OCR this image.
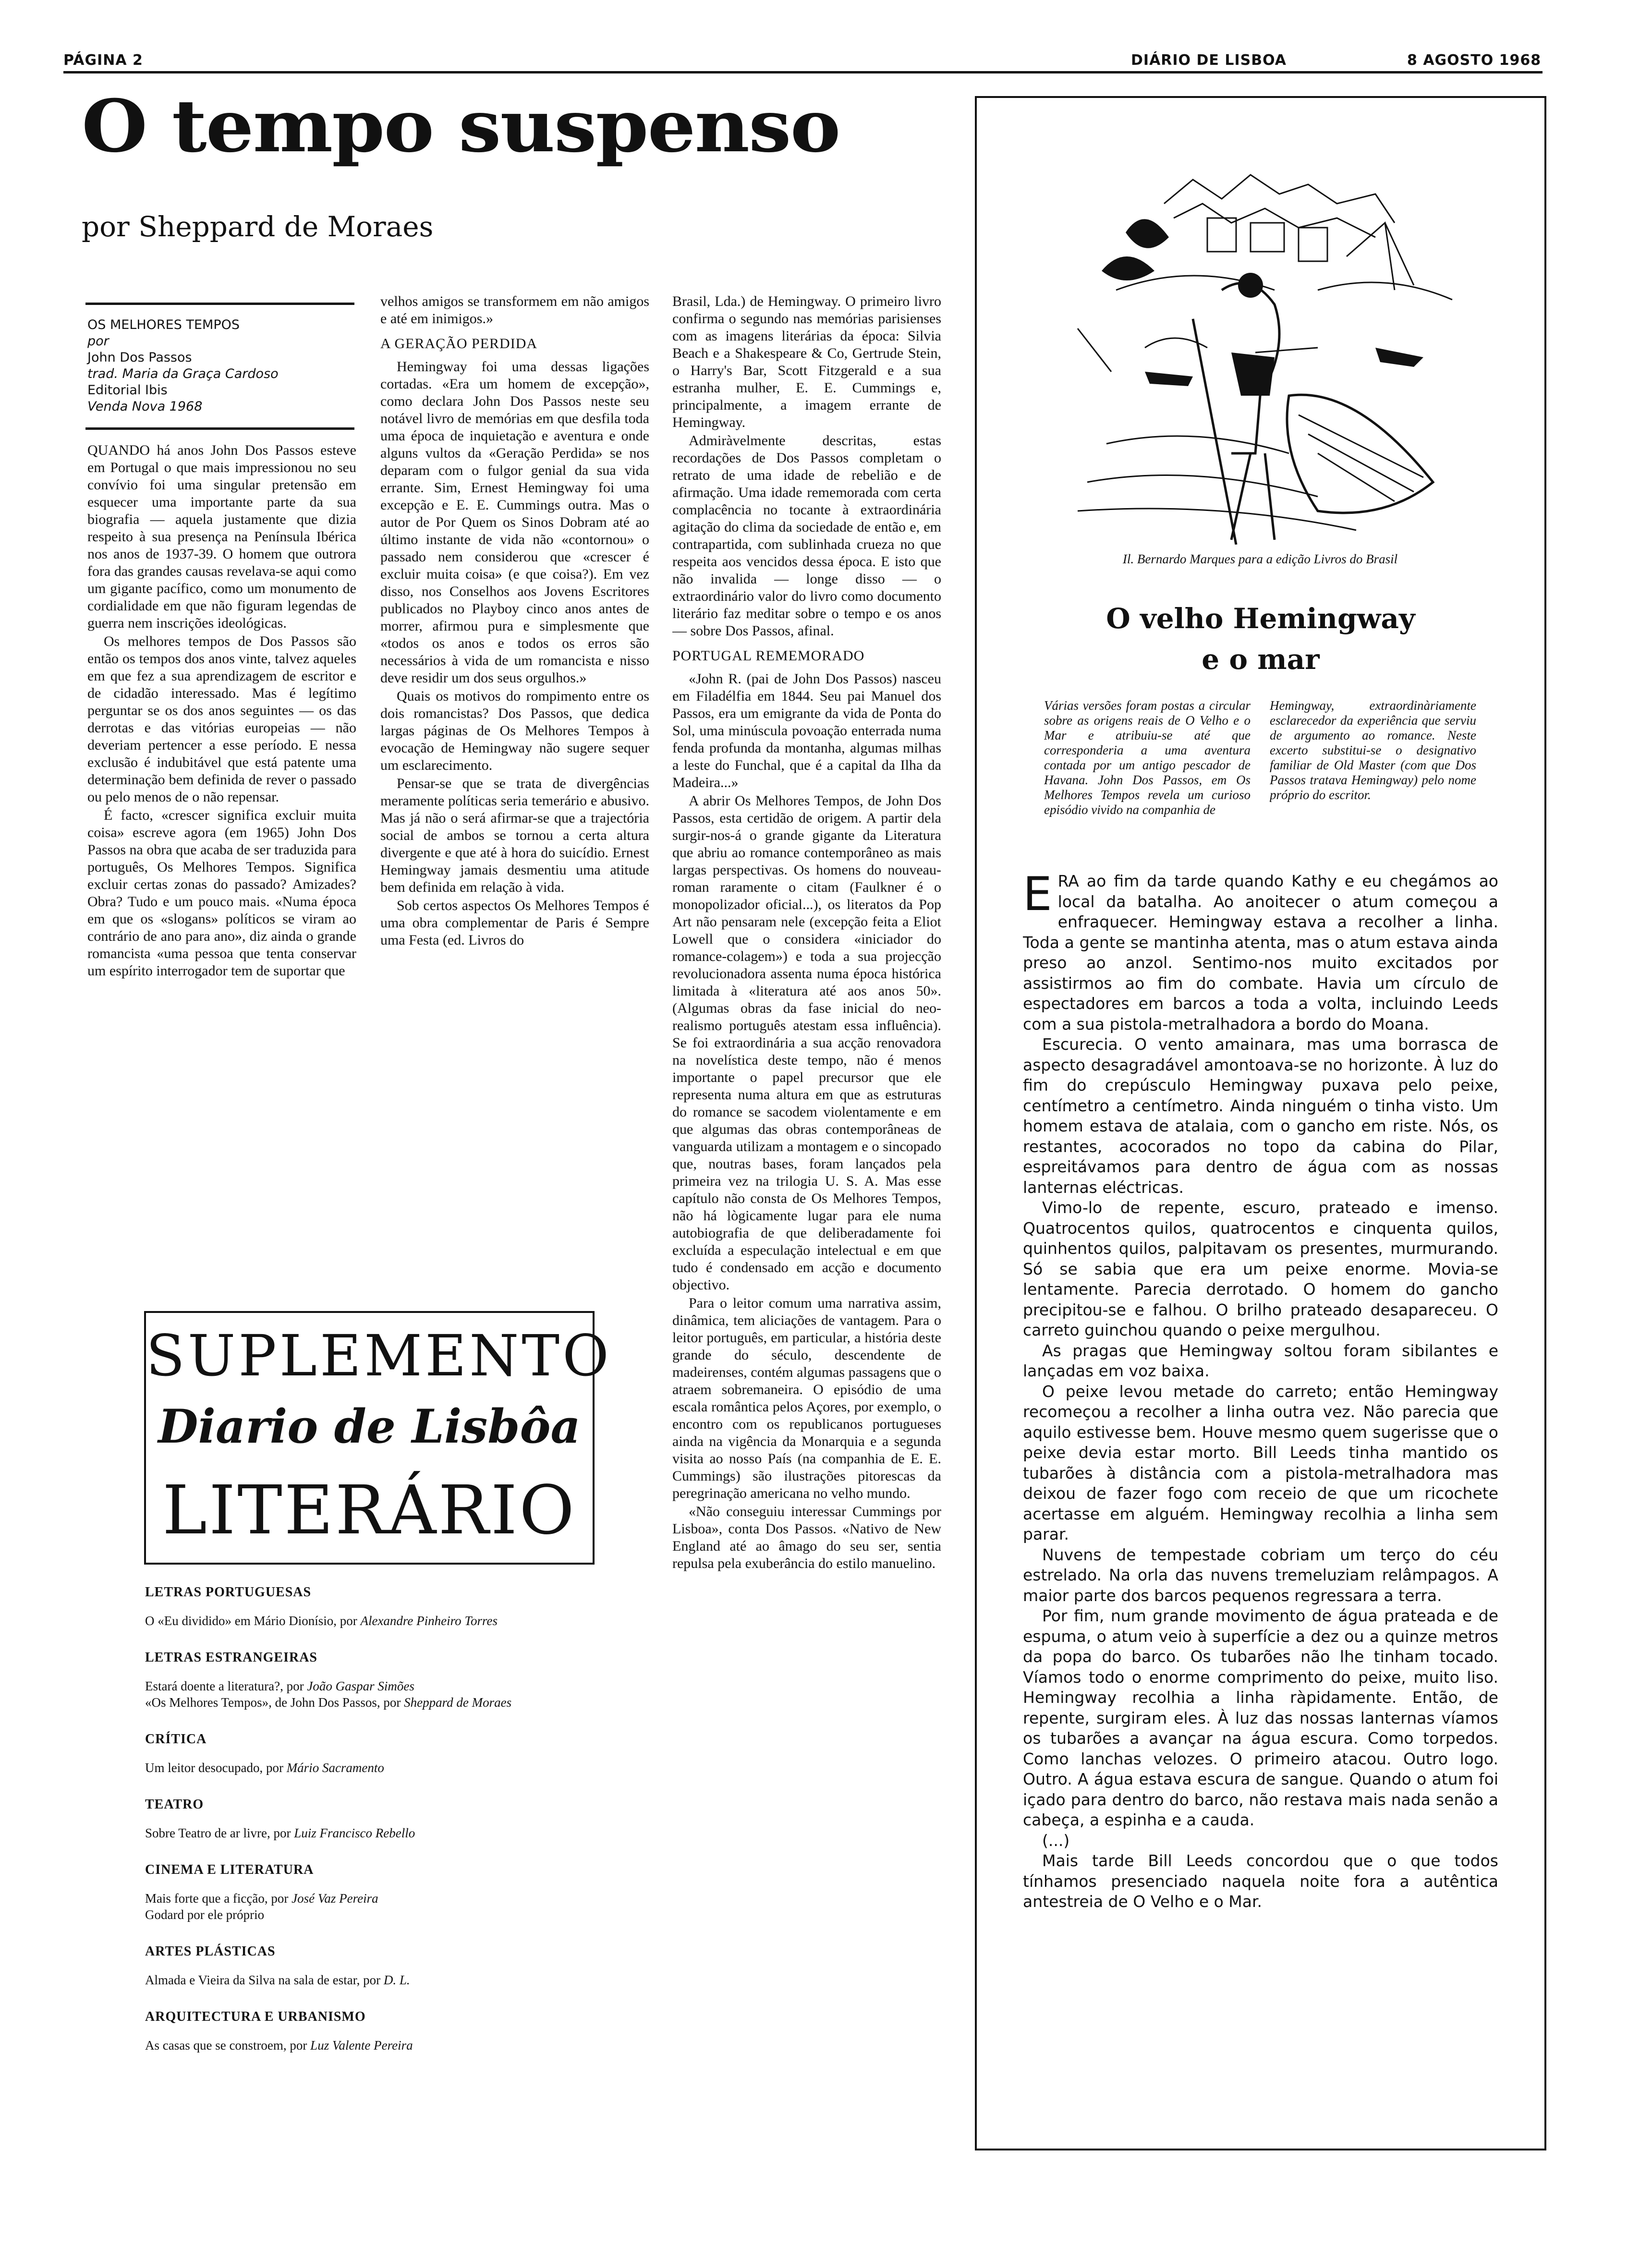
PÁGINA 2	DIÁRIO DE LISBOA	8 AGOSTO 1968
O tempo suspenso
por Sheppard de Moraes
OS MELHORES TEMPOS
por
John Dos Passos
trad. Maria da Graça Cardoso
Editorial Ibis
Venda Nova 1968

QUANDO há anos John Dos Passos esteve em Portugal o que mais impressionou no seu convívio foi uma singular pretensão em esquecer uma importante parte da sua biografia — aquela justamente que dizia respeito à sua presença na Península Ibérica nos anos de 1937-39. O homem que outrora fora das grandes causas revelava-se aqui como um gigante pacífico, como um monumento de cordialidade em que não figuram legendas de guerra nem inscrições ideológicas.

Os melhores tempos de Dos Passos são então os tempos dos anos vinte, talvez aqueles em que fez a sua aprendizagem de escritor e de cidadão interessado. Mas é legítimo perguntar se os dos anos seguintes — os das derrotas e das vitórias europeias — não deveriam pertencer a esse período. E nessa exclusão é indubitável que está patente uma determinação bem definida de rever o passado ou pelo menos de o não repensar.

É facto, «crescer significa excluir muita coisa» escreve agora (em 1965) John Dos Passos na obra que acaba de ser traduzida para português, Os Melhores Tempos. Significa excluir certas zonas do passado? Amizades? Obra? Tudo e um pouco mais. «Numa época em que os «slogans» políticos se viram ao contrário de ano para ano», diz ainda o grande romancista «uma pessoa que tenta conservar um espírito interrogador tem de suportar que

velhos amigos se transformem em não amigos e até em inimigos.»

A GERAÇÃO PERDIDA

Hemingway foi uma dessas ligações cortadas. «Era um homem de excepção», como declara John Dos Passos neste seu notável livro de memórias em que desfila toda uma época de inquietação e aventura e onde alguns vultos da «Geração Perdida» se nos deparam com o fulgor genial da sua vida errante. Sim, Ernest Hemingway foi uma excepção e E. E. Cummings outra. Mas o autor de Por Quem os Sinos Dobram até ao último instante de vida não «contornou» o passado nem considerou que «crescer é excluir muita coisa» (e que coisa?). Em vez disso, nos Conselhos aos Jovens Escritores publicados no Playboy cinco anos antes de morrer, afirmou pura e simplesmente que «todos os anos e todos os erros são necessários à vida de um romancista e nisso deve residir um dos seus orgulhos.»

Quais os motivos do rompimento entre os dois romancistas? Dos Passos, que dedica largas páginas de Os Melhores Tempos à evocação de Hemingway não sugere sequer um esclarecimento.

Pensar-se que se trata de divergências meramente políticas seria temerário e abusivo. Mas já não o será afirmar-se que a trajectória social de ambos se tornou a certa altura divergente e que até à hora do suicídio. Ernest Hemingway jamais desmentiu uma atitude bem definida em relação à vida.

Sob certos aspectos Os Melhores Tempos é uma obra complementar de Paris é Sempre uma Festa (ed. Livros do

Brasil, Lda.) de Hemingway. O primeiro livro confirma o segundo nas memórias parisienses com as imagens literárias da época: Silvia Beach e a Shakespeare & Co, Gertrude Stein, o Harry's Bar, Scott Fitzgerald e a sua estranha mulher, E. E. Cummings e, principalmente, a imagem errante de Hemingway.

Admiràvelmente descritas, estas recordações de Dos Passos completam o retrato de uma idade de rebelião e de afirmação. Uma idade rememorada com certa complacência no tocante à extraordinária agitação do clima da sociedade de então e, em contrapartida, com sublinhada crueza no que respeita aos vencidos dessa época. E isto que não invalida — longe disso — o extraordinário valor do livro como documento literário faz meditar sobre o tempo e os anos — sobre Dos Passos, afinal.

PORTUGAL REMEMORADO

«John R. (pai de John Dos Passos) nasceu em Filadélfia em 1844. Seu pai Manuel dos Passos, era um emigrante da vida de Ponta do Sol, uma minúscula povoação enterrada numa fenda profunda da montanha, algumas milhas a leste do Funchal, que é a capital da Ilha da Madeira...»

A abrir Os Melhores Tempos, de John Dos Passos, esta certidão de origem. A partir dela surgir-nos-á o grande gigante da Literatura que abriu ao romance contemporâneo as mais largas perspectivas. Os homens do nouveau-roman raramente o citam (Faulkner é o monopolizador oficial...), os literatos da Pop Art não pensaram nele (excepção feita a Eliot Lowell que o considera «iniciador do romance-colagem») e toda a sua projecção revolucionadora assenta numa época histórica limitada à «literatura até aos anos 50». (Algumas obras da fase inicial do neo-realismo português atestam essa influência). Se foi extraordinária a sua acção renovadora na novelística deste tempo, não é menos importante o papel precursor que ele representa numa altura em que as estruturas do romance se sacodem violentamente e em que algumas das obras contemporâneas de vanguarda utilizam a montagem e o sincopado que, noutras bases, foram lançados pela primeira vez na trilogia U. S. A. Mas esse capítulo não consta de Os Melhores Tempos, não há lògicamente lugar para ele numa autobiografia de que deliberadamente foi excluída a especulação intelectual e em que tudo é condensado em acção e documento objectivo.

Para o leitor comum uma narrativa assim, dinâmica, tem aliciações de vantagem. Para o leitor português, em particular, a história deste grande do século, descendente de madeirenses, contém algumas passagens que o atraem sobremaneira. O episódio de uma escala romântica pelos Açores, por exemplo, o encontro com os republicanos portugueses ainda na vigência da Monarquia e a segunda visita ao nosso País (na companhia de E. E. Cummings) são ilustrações pitorescas da peregrinação americana no velho mundo.

«Não conseguiu interessar Cummings por Lisboa», conta Dos Passos. «Nativo de New England até ao âmago do seu ser, sentia repulsa pela exuberância do estilo manuelino.

SUPLEMENTO
Diario de Lisbôa
LITERÁRIO
LETRAS PORTUGUESAS
O «Eu dividido» em Mário Dionísio, por Alexandre Pinheiro Torres
LETRAS ESTRANGEIRAS
Estará doente a literatura?, por João Gaspar Simões
«Os Melhores Tempos», de John Dos Passos, por Sheppard de Moraes
CRÍTICA
Um leitor desocupado, por Mário Sacramento
TEATRO
Sobre Teatro de ar livre, por Luiz Francisco Rebello
CINEMA E LITERATURA
Mais forte que a ficção, por José Vaz Pereira
Godard por ele próprio
ARTES PLÁSTICAS
Almada e Vieira da Silva na sala de estar, por D. L.
ARQUITECTURA E URBANISMO
As casas que se constroem, por Luz Valente Pereira
Il. Bernardo Marques para a edição Livros do Brasil
O velho Hemingway
e o mar
Várias versões foram postas a circular sobre as origens reais de O Velho e o Mar e atribuiu-se até que corresponderia a uma aventura contada por um antigo pescador de Havana. John Dos Passos, em Os Melhores Tempos revela um curioso episódio vivido na companhia de
Hemingway, extraordinàriamente esclarecedor da experiência que serviu de argumento ao romance. Neste excerto substitui-se o designativo familiar de Old Master (com que Dos Passos tratava Hemingway) pelo nome próprio do escritor.

ERA ao fim da tarde quando Kathy e eu chegámos ao local da batalha. Ao anoitecer o atum começou a enfraquecer. Hemingway estava a recolher a linha. Toda a gente se mantinha atenta, mas o atum estava ainda preso ao anzol. Sentimo-nos muito excitados por assistirmos ao fim do combate. Havia um círculo de espectadores em barcos a toda a volta, incluindo Leeds com a sua pistola-metralhadora a bordo do Moana.

Escurecia. O vento amainara, mas uma borrasca de aspecto desagradável amontoava-se no horizonte. À luz do fim do crepúsculo Hemingway puxava pelo peixe, centímetro a centímetro. Ainda ninguém o tinha visto. Um homem estava de atalaia, com o gancho em riste. Nós, os restantes, acocorados no topo da cabina do Pilar, espreitávamos para dentro de água com as nossas lanternas eléctricas.

Vimo-lo de repente, escuro, prateado e imenso. Quatrocentos quilos, quatrocentos e cinquenta quilos, quinhentos quilos, palpitavam os presentes, murmurando. Só se sabia que era um peixe enorme. Movia-se lentamente. Parecia derrotado. O homem do gancho precipitou-se e falhou. O brilho prateado desapareceu. O carreto guinchou quando o peixe mergulhou.

As pragas que Hemingway soltou foram sibilantes e lançadas em voz baixa.

O peixe levou metade do carreto; então Hemingway recomeçou a recolher a linha outra vez. Não parecia que aquilo estivesse bem. Houve mesmo quem sugerisse que o peixe devia estar morto. Bill Leeds tinha mantido os tubarões à distância com a pistola-metralhadora mas deixou de fazer fogo com receio de que um ricochete acertasse em alguém. Hemingway recolhia a linha sem parar.

Nuvens de tempestade cobriam um terço do céu estrelado. Na orla das nuvens tremeluziam relâmpagos. A maior parte dos barcos pequenos regressara a terra.

Por fim, num grande movimento de água prateada e de espuma, o atum veio à superfície a dez ou a quinze metros da popa do barco. Os tubarões não lhe tinham tocado. Víamos todo o enorme comprimento do peixe, muito liso. Hemingway recolhia a linha ràpidamente. Então, de repente, surgiram eles. À luz das nossas lanternas víamos os tubarões a avançar na água escura. Como torpedos. Como lanchas velozes. O primeiro atacou. Outro logo. Outro. A água estava escura de sangue. Quando o atum foi içado para dentro do barco, não restava mais nada senão a cabeça, a espinha e a cauda.

(...)

Mais tarde Bill Leeds concordou que o que todos tínhamos presenciado naquela noite fora a autêntica antestreia de O Velho e o Mar.
